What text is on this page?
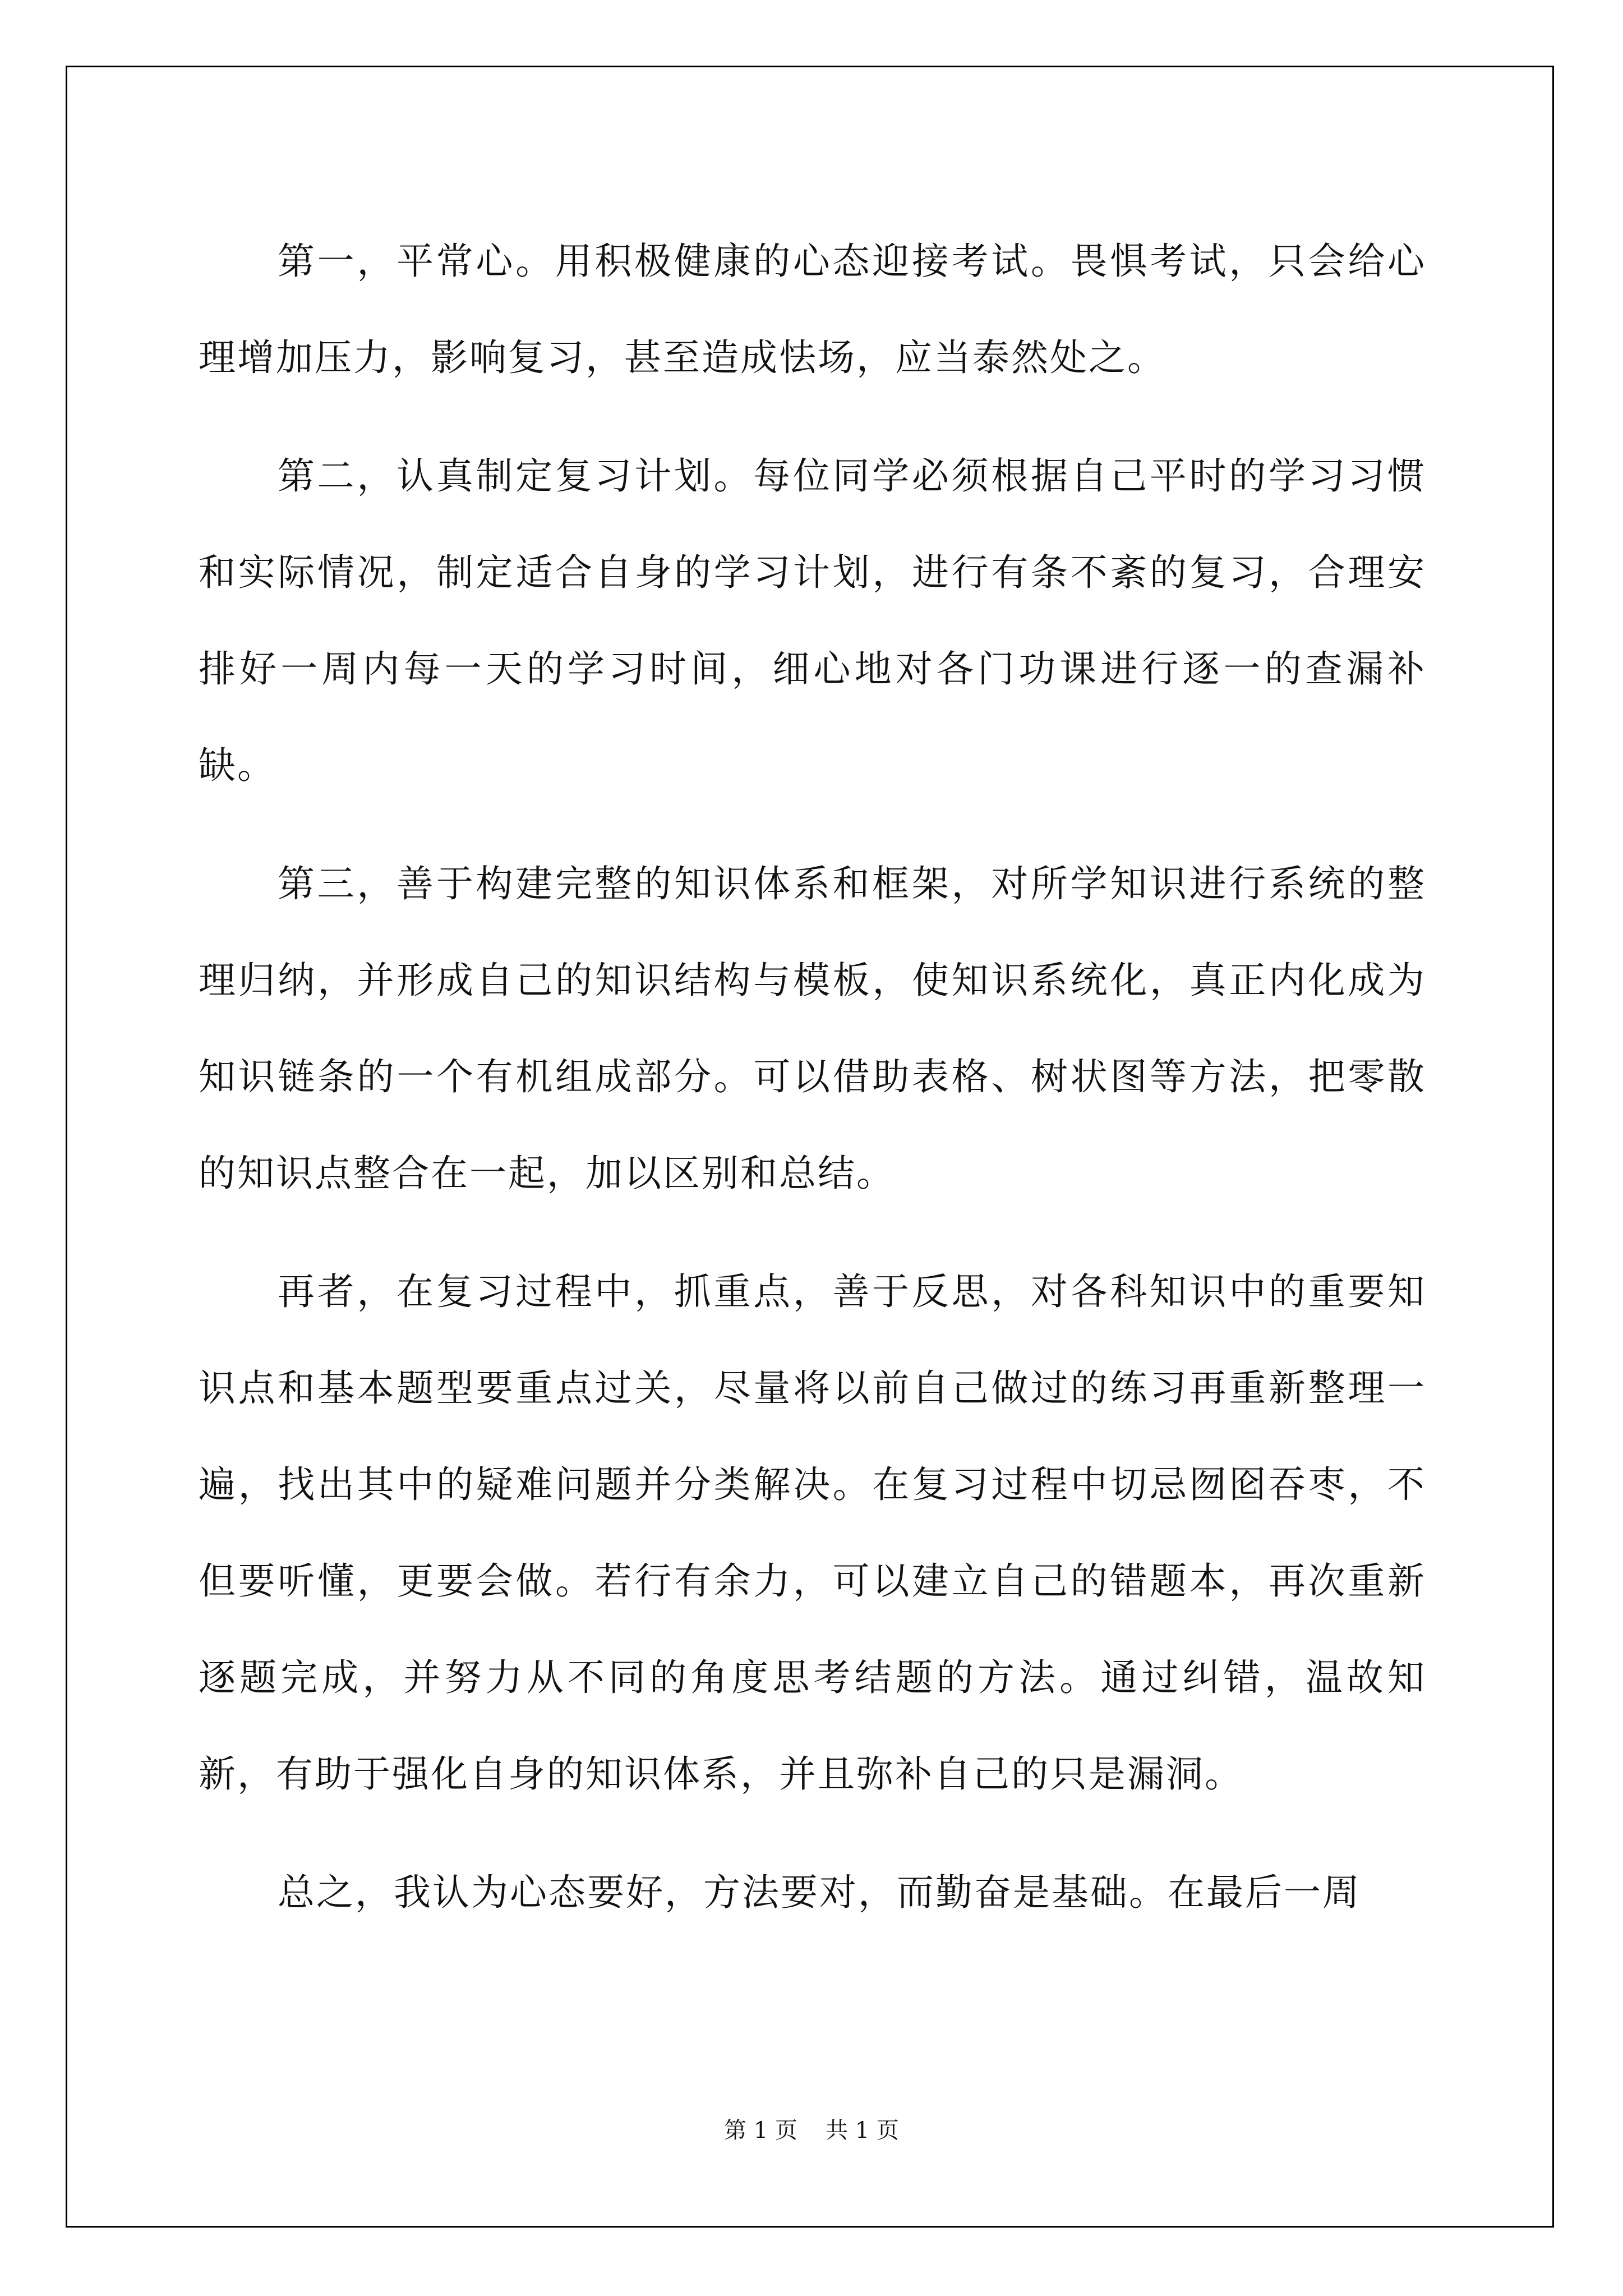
第一，平常心。用积极健康的心态迎接考试。畏惧考试，只会给心理增加压力，影响复习，甚至造成怯场，应当泰然处之。

第二，认真制定复习计划。每位同学必须根据自己平时的学习习惯和实际情况，制定适合自身的学习计划，进行有条不紊的复习，合理安排好一周内每一天的学习时间，细心地对各门功课进行逐一的查漏补缺。

第三，善于构建完整的知识体系和框架，对所学知识进行系统的整理归纳，并形成自己的知识结构与模板，使知识系统化，真正内化成为知识链条的一个有机组成部分。可以借助表格、树状图等方法，把零散的知识点整合在一起，加以区别和总结。

再者，在复习过程中，抓重点，善于反思，对各科知识中的重要知识点和基本题型要重点过关，尽量将以前自己做过的练习再重新整理一遍，找出其中的疑难问题并分类解决。在复习过程中切忌囫囵吞枣，不但要听懂，更要会做。若行有余力，可以建立自己的错题本，再次重新逐题完成，并努力从不同的角度思考结题的方法。通过纠错，温故知新，有助于强化自身的知识体系，并且弥补自己的只是漏洞。

总之，我认为心态要好，方法要对，而勤奋是基础。在最后一周

第 1 页 共 1 页
